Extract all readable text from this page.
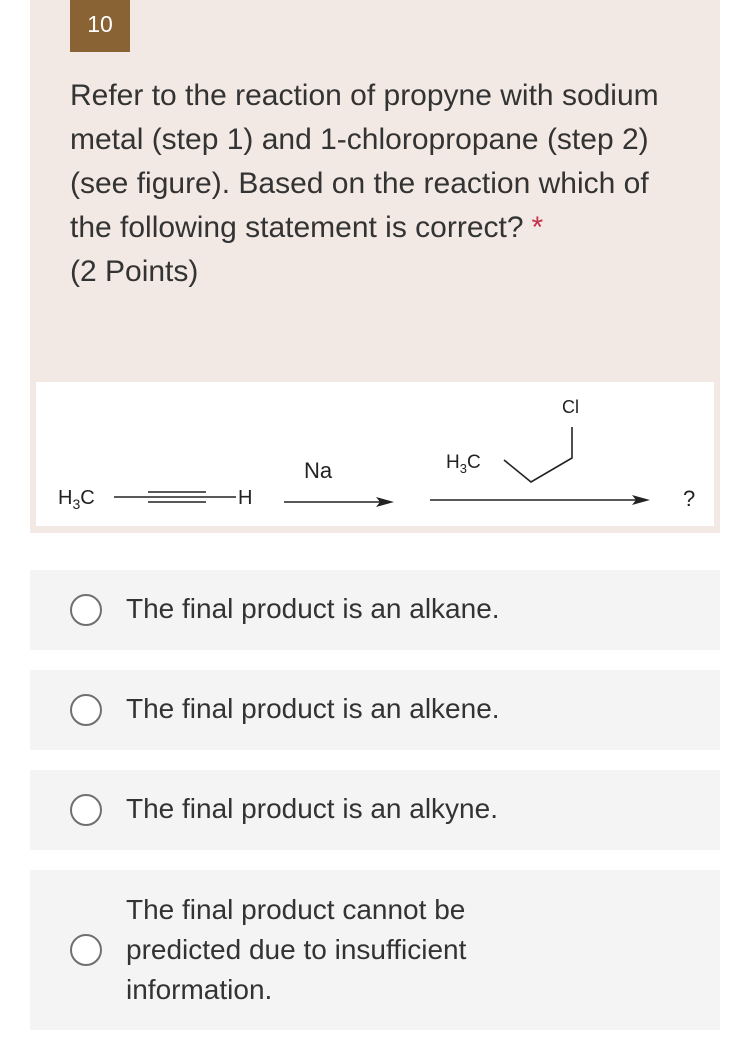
10

Refer to the reaction of propyne with sodium metal (step 1) and 1-chloropropane (step 2) (see figure). Based on the reaction which of the following statement is correct? *
(2 Points)

$H_3C$	H
Na	$H_3C$
Cl
?
The final product is an alkane.
The final product is an alkene.
The final product is an alkyne.
The final product cannot be
predicted due to insufficient
information.
